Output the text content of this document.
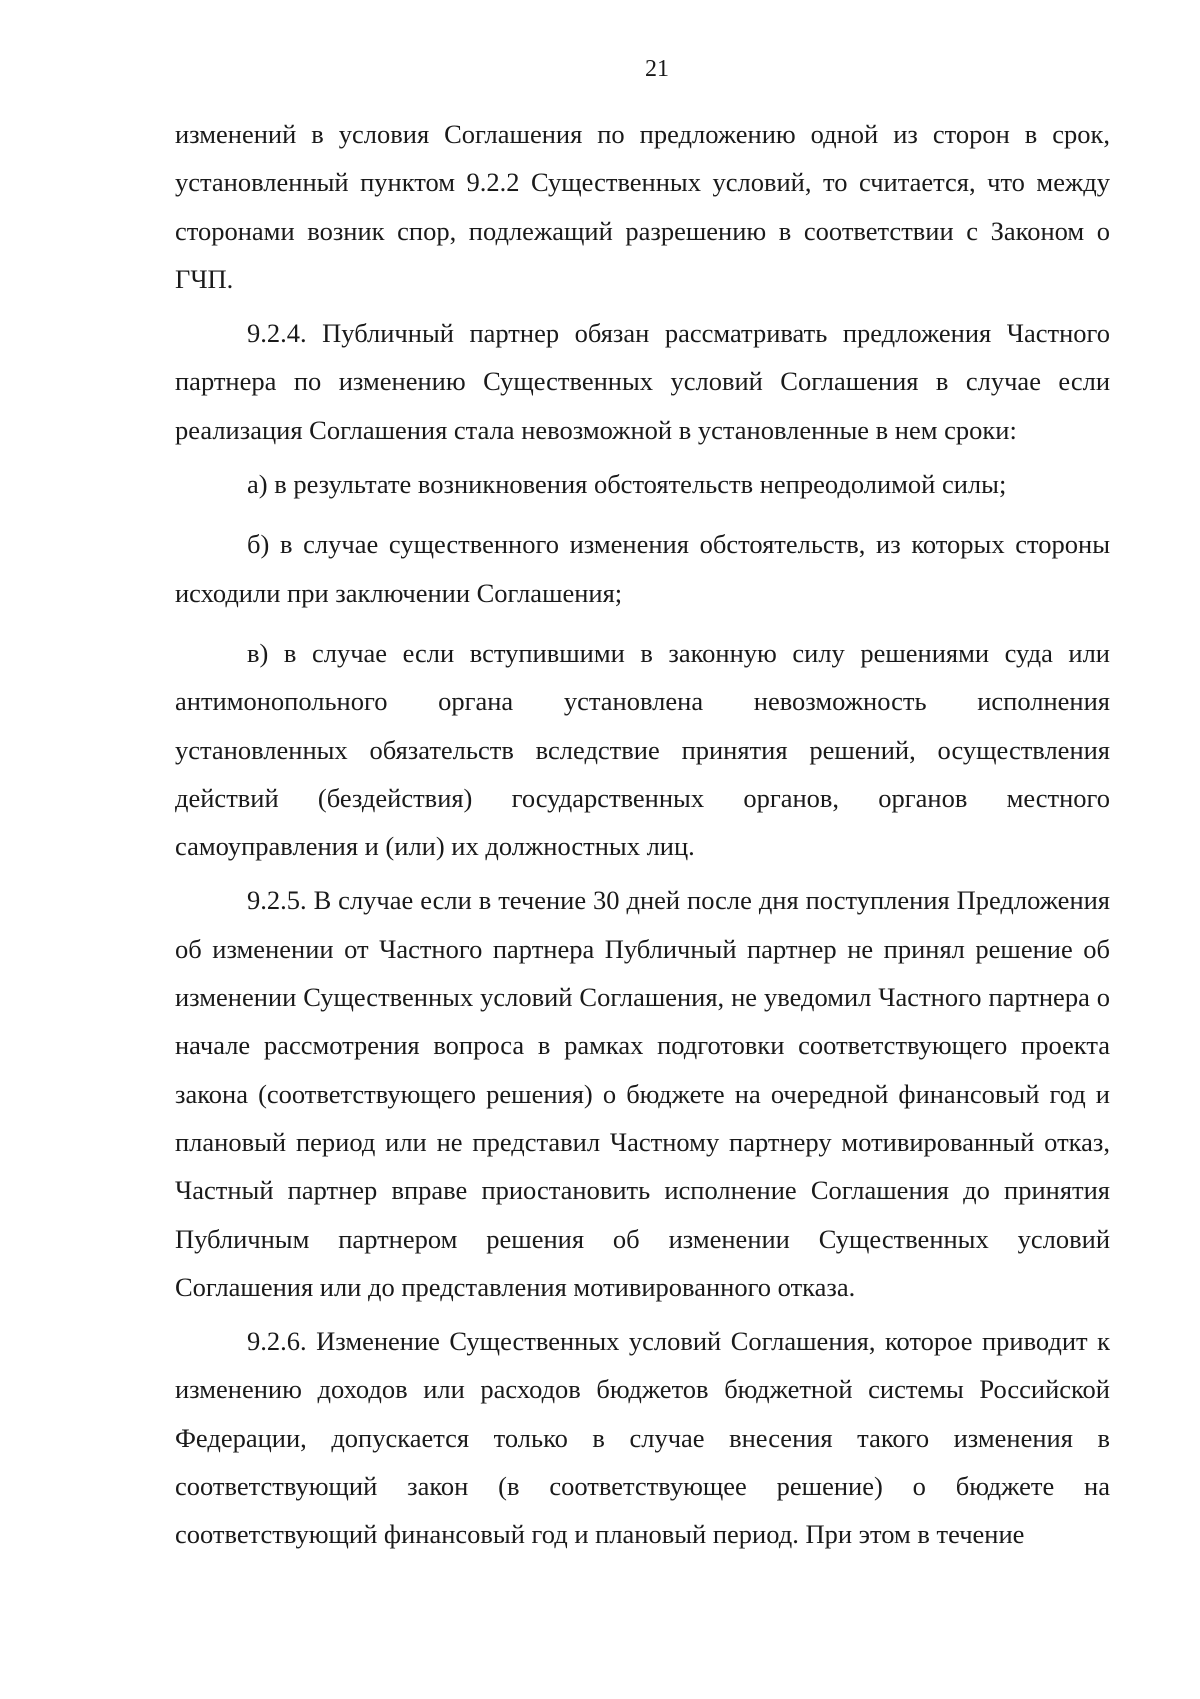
21

изменений в условия Соглашения по предложению одной из сторон в срок, установленный пунктом 9.2.2 Существенных условий, то считается, что между сторонами возник спор, подлежащий разрешению в соответствии с Законом о ГЧП.

9.2.4. Публичный партнер обязан рассматривать предложения Частного партнера по изменению Существенных условий Соглашения в случае если реализация Соглашения стала невозможной в установленные в нем сроки:

а) в результате возникновения обстоятельств непреодолимой силы;

б) в случае существенного изменения обстоятельств, из которых стороны исходили при заключении Соглашения;

в) в случае если вступившими в законную силу решениями суда или антимонопольного органа установлена невозможность исполнения установленных обязательств вследствие принятия решений, осуществления действий (бездействия) государственных органов, органов местного самоуправления и (или) их должностных лиц.

9.2.5. В случае если в течение 30 дней после дня поступления Предложения об изменении от Частного партнера Публичный партнер не принял решение об изменении Существенных условий Соглашения, не уведомил Частного партнера о начале рассмотрения вопроса в рамках подготовки соответствующего проекта закона (соответствующего решения) о бюджете на очередной финансовый год и плановый период или не представил Частному партнеру мотивированный отказ, Частный партнер вправе приостановить исполнение Соглашения до принятия Публичным партнером решения об изменении Существенных условий Соглашения или до представления мотивированного отказа.

9.2.6. Изменение Существенных условий Соглашения, которое приводит к изменению доходов или расходов бюджетов бюджетной системы Российской Федерации, допускается только в случае внесения такого изменения в соответствующий закон (в соответствующее решение) о бюджете на соответствующий финансовый год и плановый период. При этом в течение
